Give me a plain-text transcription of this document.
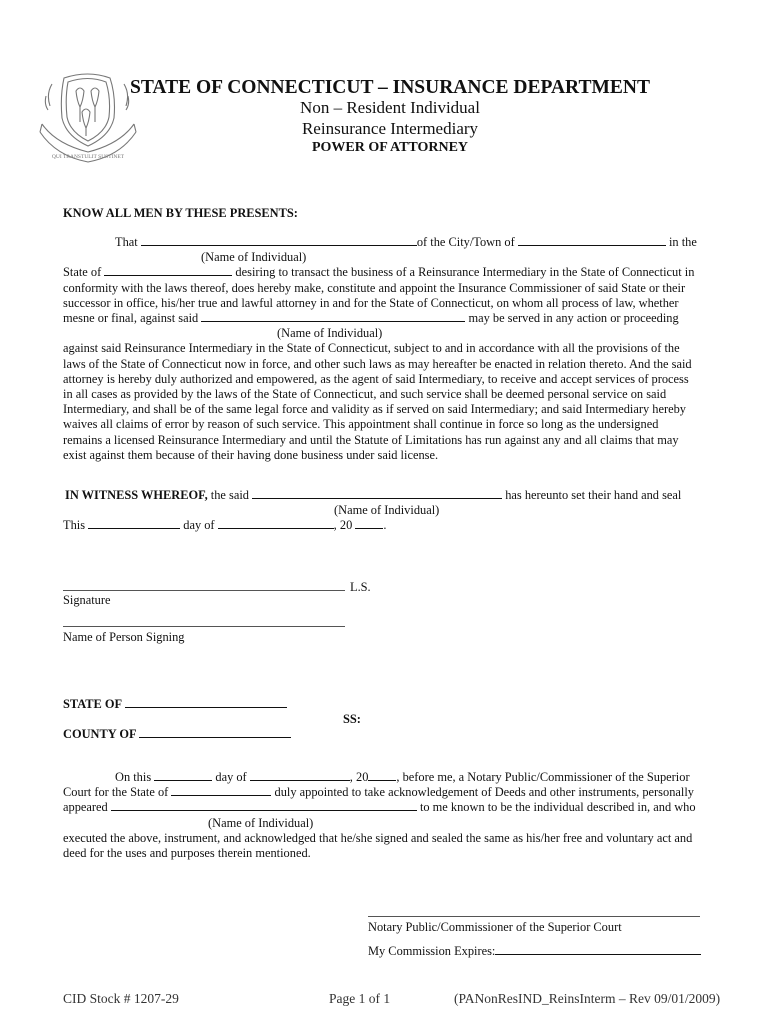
QUI TRANSTULIT SUSTINET
STATE OF CONNECTICUT – INSURANCE DEPARTMENT
Non – Resident Individual
Reinsurance Intermediary
POWER OF ATTORNEY
KNOW ALL MEN BY THESE PRESENTS:
That	of the City/Town of	in the
(Name of Individual)
State of	desiring to transact the business of a Reinsurance Intermediary in the State of Connecticut in
conformity with the laws thereof, does hereby make, constitute and appoint the Insurance Commissioner of said State or their
successor in office, his/her true and lawful attorney in and for the State of Connecticut, on whom all process of law, whether
mesne or final, against said	may be served in any action or proceeding
(Name of Individual)
against said Reinsurance Intermediary in the State of Connecticut, subject to and in accordance with all the provisions of the
laws of the State of Connecticut now in force, and other such laws as may hereafter be enacted in relation thereto. And the said
attorney is hereby duly authorized and empowered, as the agent of said Intermediary, to receive and accept services of process
in all cases as provided by the laws of the State of Connecticut, and such service shall be deemed personal service on said
Intermediary, and shall be of the same legal force and validity as if served on said Intermediary; and said Intermediary hereby
waives all claims of error by reason of such service. This appointment shall continue in force so long as the undersigned
remains a licensed Reinsurance Intermediary and until the Statute of Limitations has run against any and all claims that may
exist against them because of their having done business under said license.
IN WITNESS WHEREOF, the said	has hereunto set their hand and seal
(Name of Individual)
This	day of	, 20	.
L.S.
Signature
Name of Person Signing
STATE OF
SS:
COUNTY OF
On this	day of	, 20 , before me, a Notary Public/Commissioner of the Superior
Court for the State of	duly appointed to take acknowledgement of Deeds and other instruments, personally
appeared	to me known to be the individual described in, and who
(Name of Individual)
executed the above, instrument, and acknowledged that he/she signed and sealed the same as his/her free and voluntary act and
deed for the uses and purposes therein mentioned.
Notary Public/Commissioner of the Superior Court
My Commission Expires:
CID Stock # 1207-29	Page 1 of 1	(PANonResIND_ReinsInterm – Rev 09/01/2009)
